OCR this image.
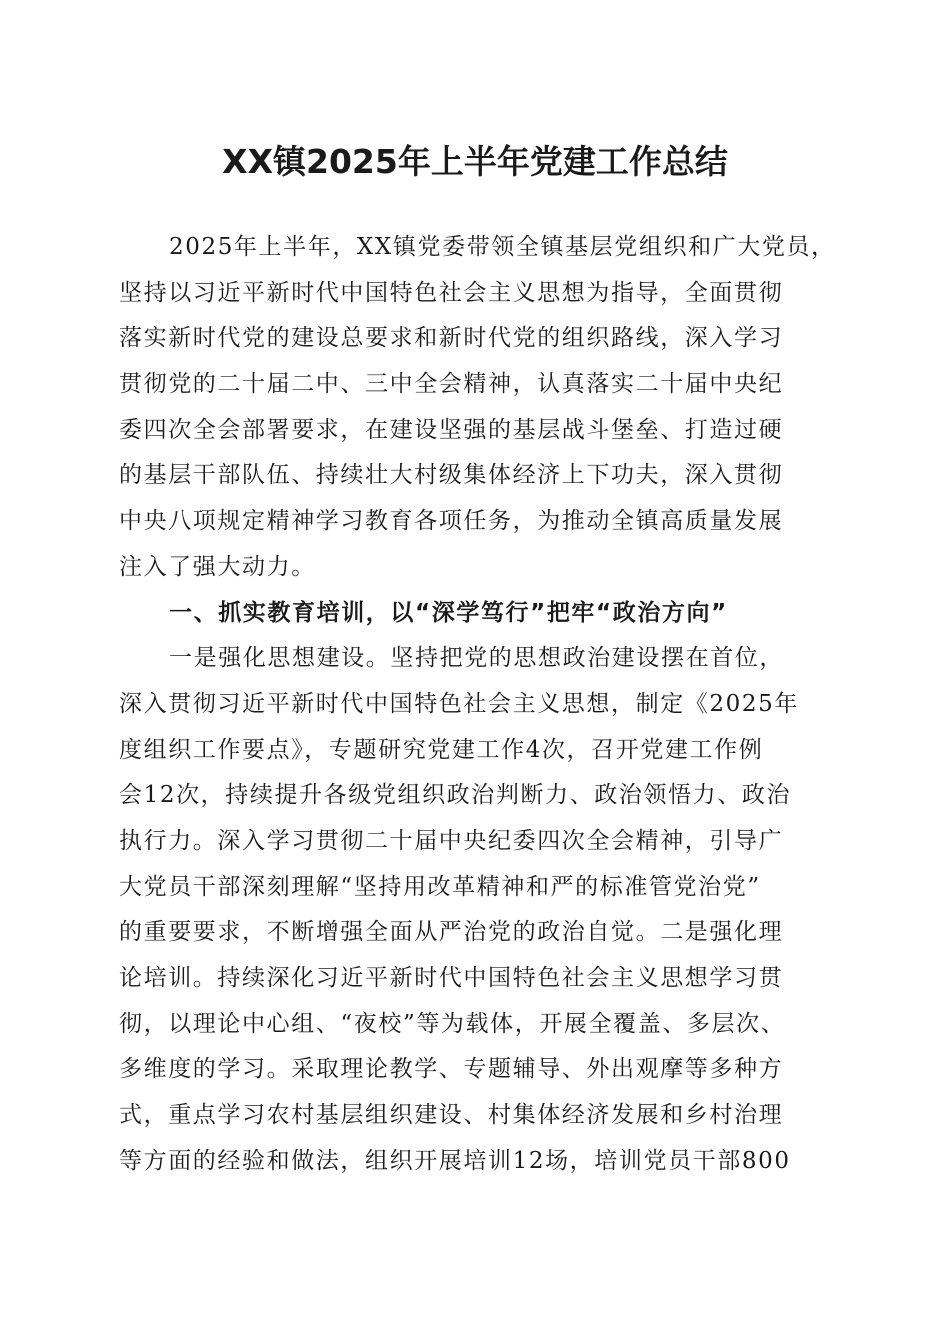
XX镇2025年上半年党建工作总结
2025年上半年，XX镇党委带领全镇基层党组织和广大党员，
坚持以习近平新时代中国特色社会主义思想为指导，全面贯彻
落实新时代党的建设总要求和新时代党的组织路线，深入学习
贯彻党的二十届二中、三中全会精神，认真落实二十届中央纪
委四次全会部署要求，在建设坚强的基层战斗堡垒、打造过硬
的基层干部队伍、持续壮大村级集体经济上下功夫，深入贯彻
中央八项规定精神学习教育各项任务，为推动全镇高质量发展
注入了强大动力。
一、抓实教育培训，以“深学笃行”把牢“政治方向”
一是强化思想建设。坚持把党的思想政治建设摆在首位，
深入贯彻习近平新时代中国特色社会主义思想，制定《2025年
度组织工作要点》，专题研究党建工作4次，召开党建工作例
会12次，持续提升各级党组织政治判断力、政治领悟力、政治
执行力。深入学习贯彻二十届中央纪委四次全会精神，引导广
大党员干部深刻理解“坚持用改革精神和严的标准管党治党”
的重要要求，不断增强全面从严治党的政治自觉。二是强化理
论培训。持续深化习近平新时代中国特色社会主义思想学习贯
彻，以理论中心组、“夜校”等为载体，开展全覆盖、多层次、
多维度的学习。采取理论教学、专题辅导、外出观摩等多种方
式，重点学习农村基层组织建设、村集体经济发展和乡村治理
等方面的经验和做法，组织开展培训12场，培训党员干部800
